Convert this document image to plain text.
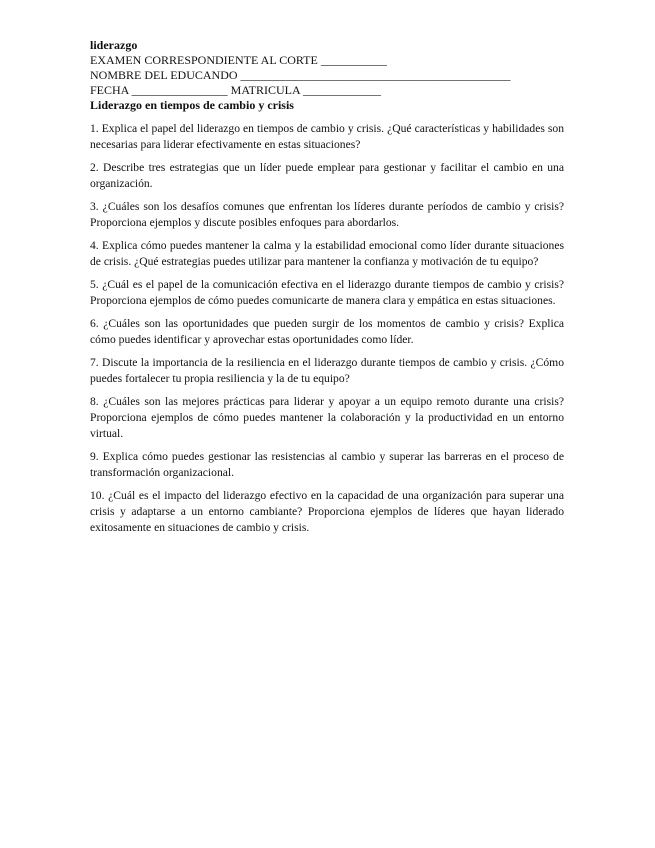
liderazgo
EXAMEN CORRESPONDIENTE AL CORTE ___________
NOMBRE DEL EDUCANDO _____________________________________________
FECHA ________________ MATRICULA _____________
Liderazgo en tiempos de cambio y crisis

1. Explica el papel del liderazgo en tiempos de cambio y crisis. ¿Qué características y habilidades son necesarias para liderar efectivamente en estas situaciones?

2. Describe tres estrategias que un líder puede emplear para gestionar y facilitar el cambio en una organización.

3. ¿Cuáles son los desafíos comunes que enfrentan los líderes durante períodos de cambio y crisis? Proporciona ejemplos y discute posibles enfoques para abordarlos.

4. Explica cómo puedes mantener la calma y la estabilidad emocional como líder durante situaciones de crisis. ¿Qué estrategias puedes utilizar para mantener la confianza y motivación de tu equipo?

5. ¿Cuál es el papel de la comunicación efectiva en el liderazgo durante tiempos de cambio y crisis? Proporciona ejemplos de cómo puedes comunicarte de manera clara y empática en estas situaciones.

6. ¿Cuáles son las oportunidades que pueden surgir de los momentos de cambio y crisis? Explica cómo puedes identificar y aprovechar estas oportunidades como líder.

7. Discute la importancia de la resiliencia en el liderazgo durante tiempos de cambio y crisis. ¿Cómo puedes fortalecer tu propia resiliencia y la de tu equipo?

8. ¿Cuáles son las mejores prácticas para liderar y apoyar a un equipo remoto durante una crisis? Proporciona ejemplos de cómo puedes mantener la colaboración y la productividad en un entorno virtual.

9. Explica cómo puedes gestionar las resistencias al cambio y superar las barreras en el proceso de transformación organizacional.

10. ¿Cuál es el impacto del liderazgo efectivo en la capacidad de una organización para superar una crisis y adaptarse a un entorno cambiante? Proporciona ejemplos de líderes que hayan liderado exitosamente en situaciones de cambio y crisis.
